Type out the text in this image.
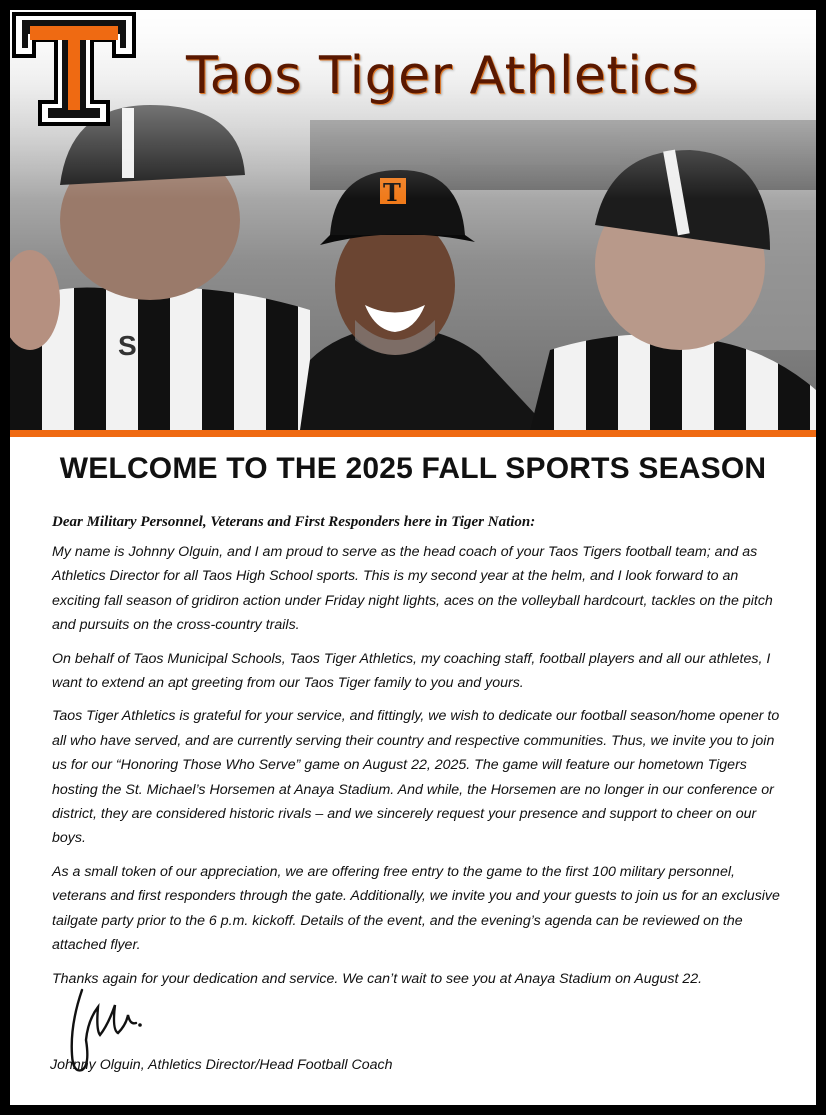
Taos Tiger Athletics
WELCOME TO THE 2025 FALL SPORTS SEASON
Dear Military Personnel, Veterans and First Responders here in Tiger Nation:

My name is Johnny Olguin, and I am proud to serve as the head coach of your Taos Tigers football team; and as Athletics Director for all Taos High School sports. This is my second year at the helm, and I look forward to an exciting fall season of gridiron action under Friday night lights, aces on the volleyball hardcourt, tackles on the pitch and pursuits on the cross-country trails.

On behalf of Taos Municipal Schools, Taos Tiger Athletics, my coaching staff, football players and all our athletes, I want to extend an apt greeting from our Taos Tiger family to you and yours.

Taos Tiger Athletics is grateful for your service, and fittingly, we wish to dedicate our football season/home opener to all who have served, and are currently serving their country and respective communities. Thus, we invite you to join us for our “Honoring Those Who Serve” game on August 22, 2025. The game will feature our hometown Tigers hosting the St. Michael’s Horsemen at Anaya Stadium. And while, the Horsemen are no longer in our conference or district, they are considered historic rivals – and we sincerely request your presence and support to cheer on our boys.

As a small token of our appreciation, we are offering free entry to the game to the first 100 military personnel, veterans and first responders through the gate. Additionally, we invite you and your guests to join us for an exclusive tailgate party prior to the 6 p.m. kickoff. Details of the event, and the evening’s agenda can be reviewed on the attached flyer.

Thanks again for your dedication and service. We can’t wait to see you at Anaya Stadium on August 22.

Johnny Olguin, Athletics Director/Head Football Coach
